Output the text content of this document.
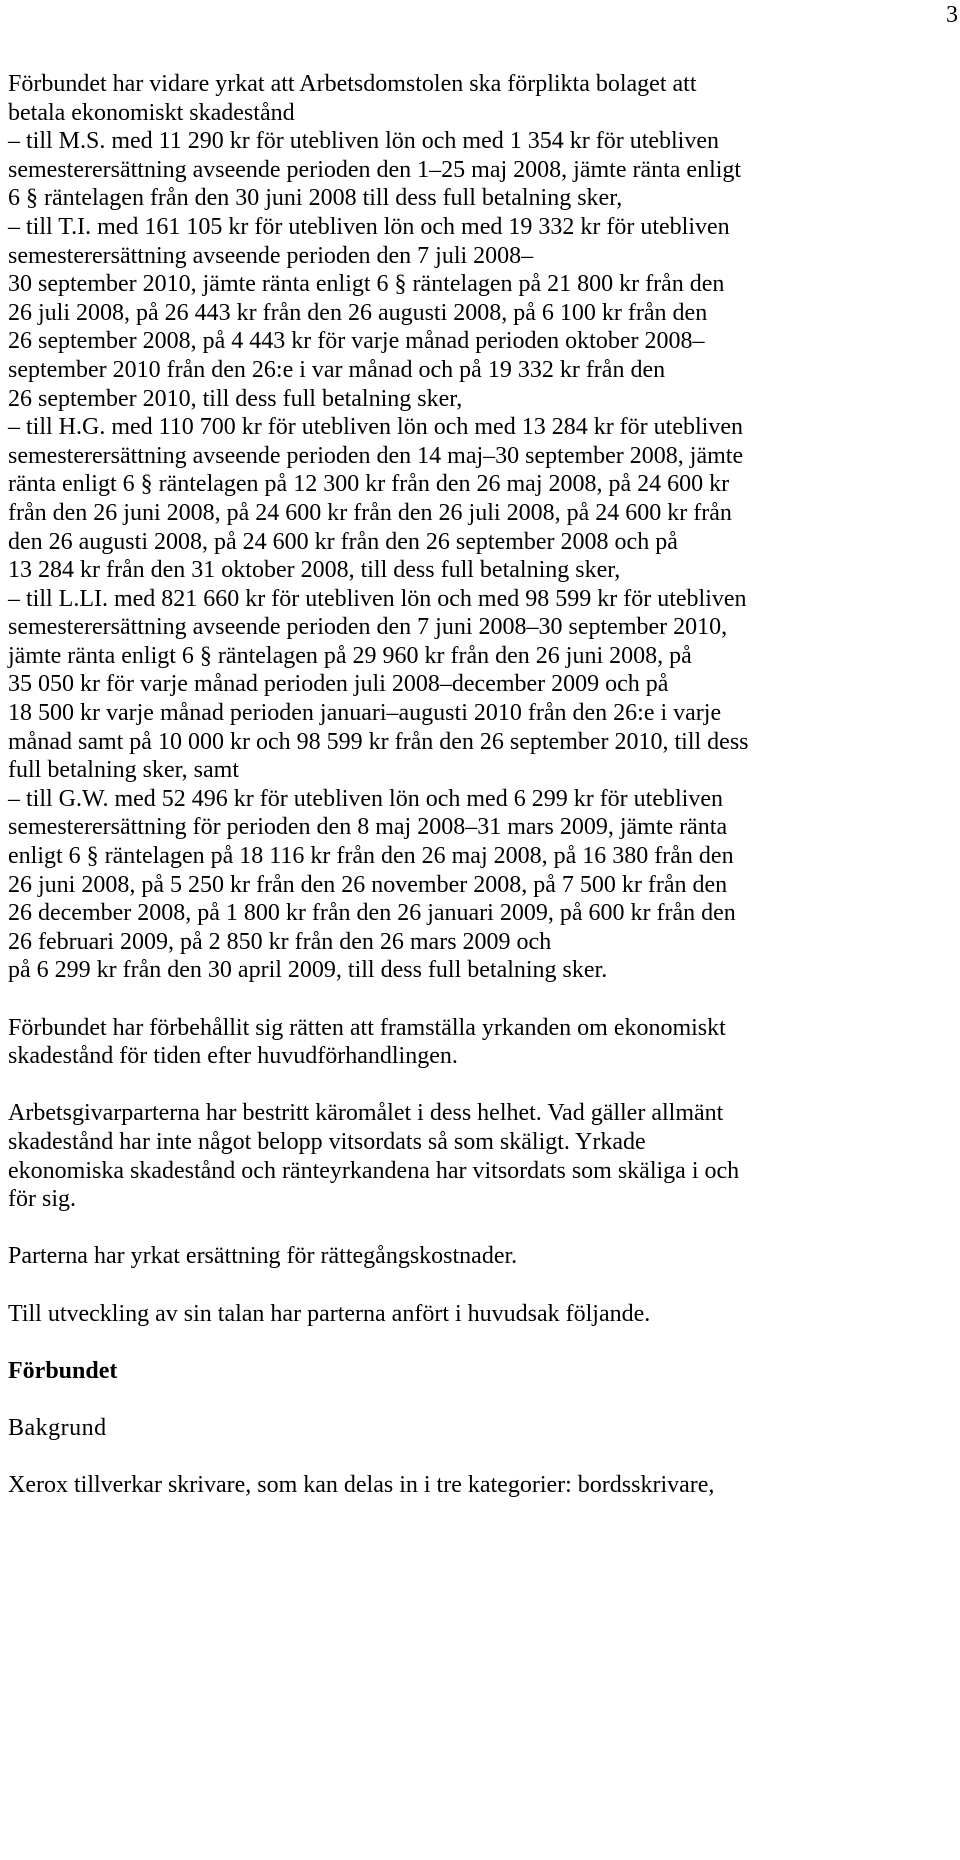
3
Förbundet har vidare yrkat att Arbetsdomstolen ska förplikta bolaget att
betala ekonomiskt skadestånd
– till M.S. med 11 290 kr för utebliven lön och med 1 354 kr för utebliven
semesterersättning avseende perioden den 1–25 maj 2008, jämte ränta enligt
6 § räntelagen från den 30 juni 2008 till dess full betalning sker,
– till T.I. med 161 105 kr för utebliven lön och med 19 332 kr för utebliven
semesterersättning avseende perioden den 7 juli 2008–
30 september 2010, jämte ränta enligt 6 § räntelagen på 21 800 kr från den
26 juli 2008, på 26 443 kr från den 26 augusti 2008, på 6 100 kr från den
26 september 2008, på 4 443 kr för varje månad perioden oktober 2008–
september 2010 från den 26:e i var månad och på 19 332 kr från den
26 september 2010, till dess full betalning sker,
– till H.G. med 110 700 kr för utebliven lön och med 13 284 kr för utebliven
semesterersättning avseende perioden den 14 maj–30 september 2008, jämte
ränta enligt 6 § räntelagen på 12 300 kr från den 26 maj 2008, på 24 600 kr
från den 26 juni 2008, på 24 600 kr från den 26 juli 2008, på 24 600 kr från
den 26 augusti 2008, på 24 600 kr från den 26 september 2008 och på
13 284 kr från den 31 oktober 2008, till dess full betalning sker,
– till L.LI. med 821 660 kr för utebliven lön och med 98 599 kr för utebliven
semesterersättning avseende perioden den 7 juni 2008–30 september 2010,
jämte ränta enligt 6 § räntelagen på 29 960 kr från den 26 juni 2008, på
35 050 kr för varje månad perioden juli 2008–december 2009 och på
18 500 kr varje månad perioden januari–augusti 2010 från den 26:e i varje
månad samt på 10 000 kr och 98 599 kr från den 26 september 2010, till dess
full betalning sker, samt
– till G.W. med 52 496 kr för utebliven lön och med 6 299 kr för utebliven
semesterersättning för perioden den 8 maj 2008–31 mars 2009, jämte ränta
enligt 6 § räntelagen på 18 116 kr från den 26 maj 2008, på 16 380 från den
26 juni 2008, på 5 250 kr från den 26 november 2008, på 7 500 kr från den
26 december 2008, på 1 800 kr från den 26 januari 2009, på 600 kr från den
26 februari 2009, på 2 850 kr från den 26 mars 2009 och
på 6 299 kr från den 30 april 2009, till dess full betalning sker.
Förbundet har förbehållit sig rätten att framställa yrkanden om ekonomiskt
skadestånd för tiden efter huvudförhandlingen.
Arbetsgivarparterna har bestritt käromålet i dess helhet. Vad gäller allmänt
skadestånd har inte något belopp vitsordats så som skäligt. Yrkade
ekonomiska skadestånd och ränteyrkandena har vitsordats som skäliga i och
för sig.
Parterna har yrkat ersättning för rättegångskostnader.
Till utveckling av sin talan har parterna anfört i huvudsak följande.
Förbundet
Bakgrund
Xerox tillverkar skrivare, som kan delas in i tre kategorier: bordsskrivare,
